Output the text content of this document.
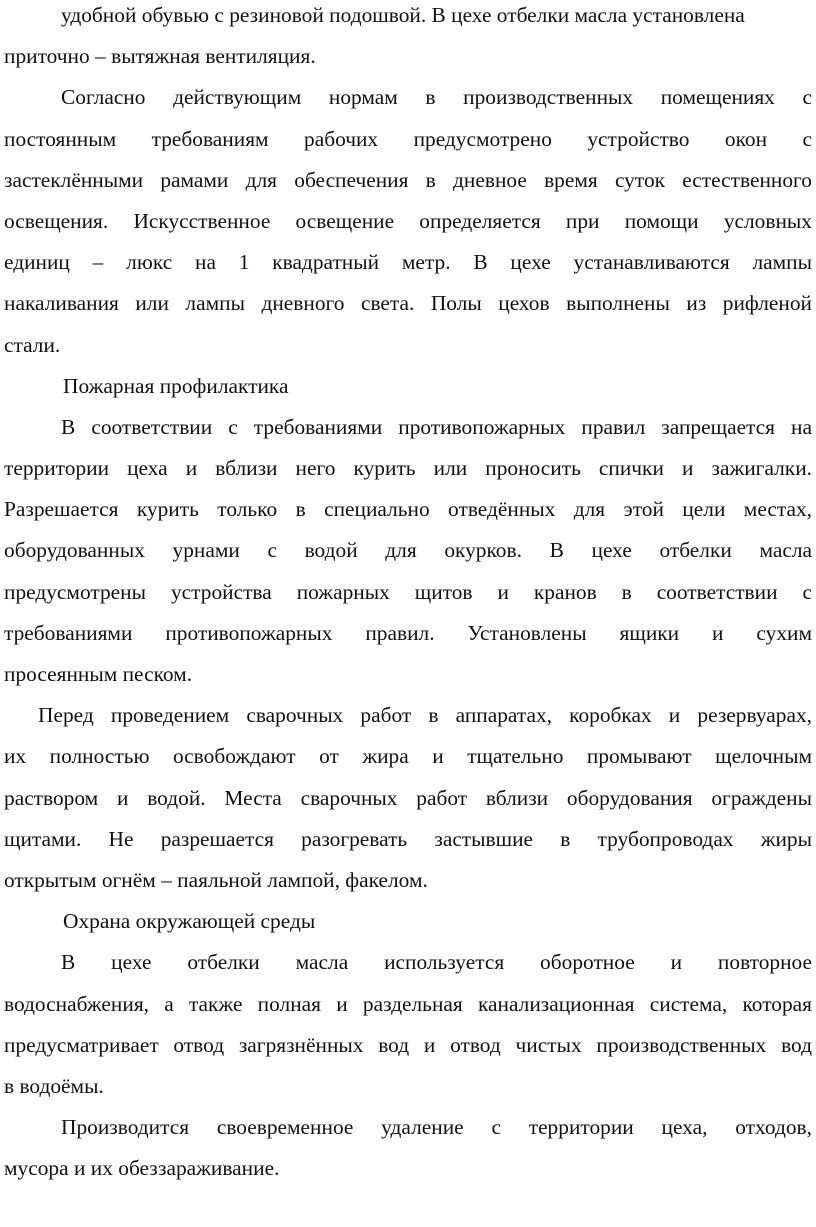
удобной обувью с резиновой подошвой. В цехе отбелки масла установлена
приточно – вытяжная вентиляция.
Согласно действующим нормам в производственных помещениях с
постоянным требованиям рабочих предусмотрено устройство окон с
застеклёнными рамами для обеспечения в дневное время суток естественного
освещения. Искусственное освещение определяется при помощи условных
единиц – люкс на 1 квадратный метр. В цехе устанавливаются лампы
накаливания или лампы дневного света. Полы цехов выполнены из рифленой
стали.
Пожарная профилактика
В соответствии с требованиями противопожарных правил запрещается на
территории цеха и вблизи него курить или проносить спички и зажигалки.
Разрешается курить только в специально отведённых для этой цели местах,
оборудованных урнами с водой для окурков. В цехе отбелки масла
предусмотрены устройства пожарных щитов и кранов в соответствии с
требованиями противопожарных правил. Установлены ящики и сухим
просеянным песком.
Перед проведением сварочных работ в аппаратах, коробках и резервуарах,
их полностью освобождают от жира и тщательно промывают щелочным
раствором и водой. Места сварочных работ вблизи оборудования ограждены
щитами. Не разрешается разогревать застывшие в трубопроводах жиры
открытым огнём – паяльной лампой, факелом.
Охрана окружающей среды
В цехе отбелки масла используется оборотное и повторное
водоснабжения, а также полная и раздельная канализационная система, которая
предусматривает отвод загрязнённых вод и отвод чистых производственных вод
в водоёмы.
Производится своевременное удаление с территории цеха, отходов,
мусора и их обеззараживание.
